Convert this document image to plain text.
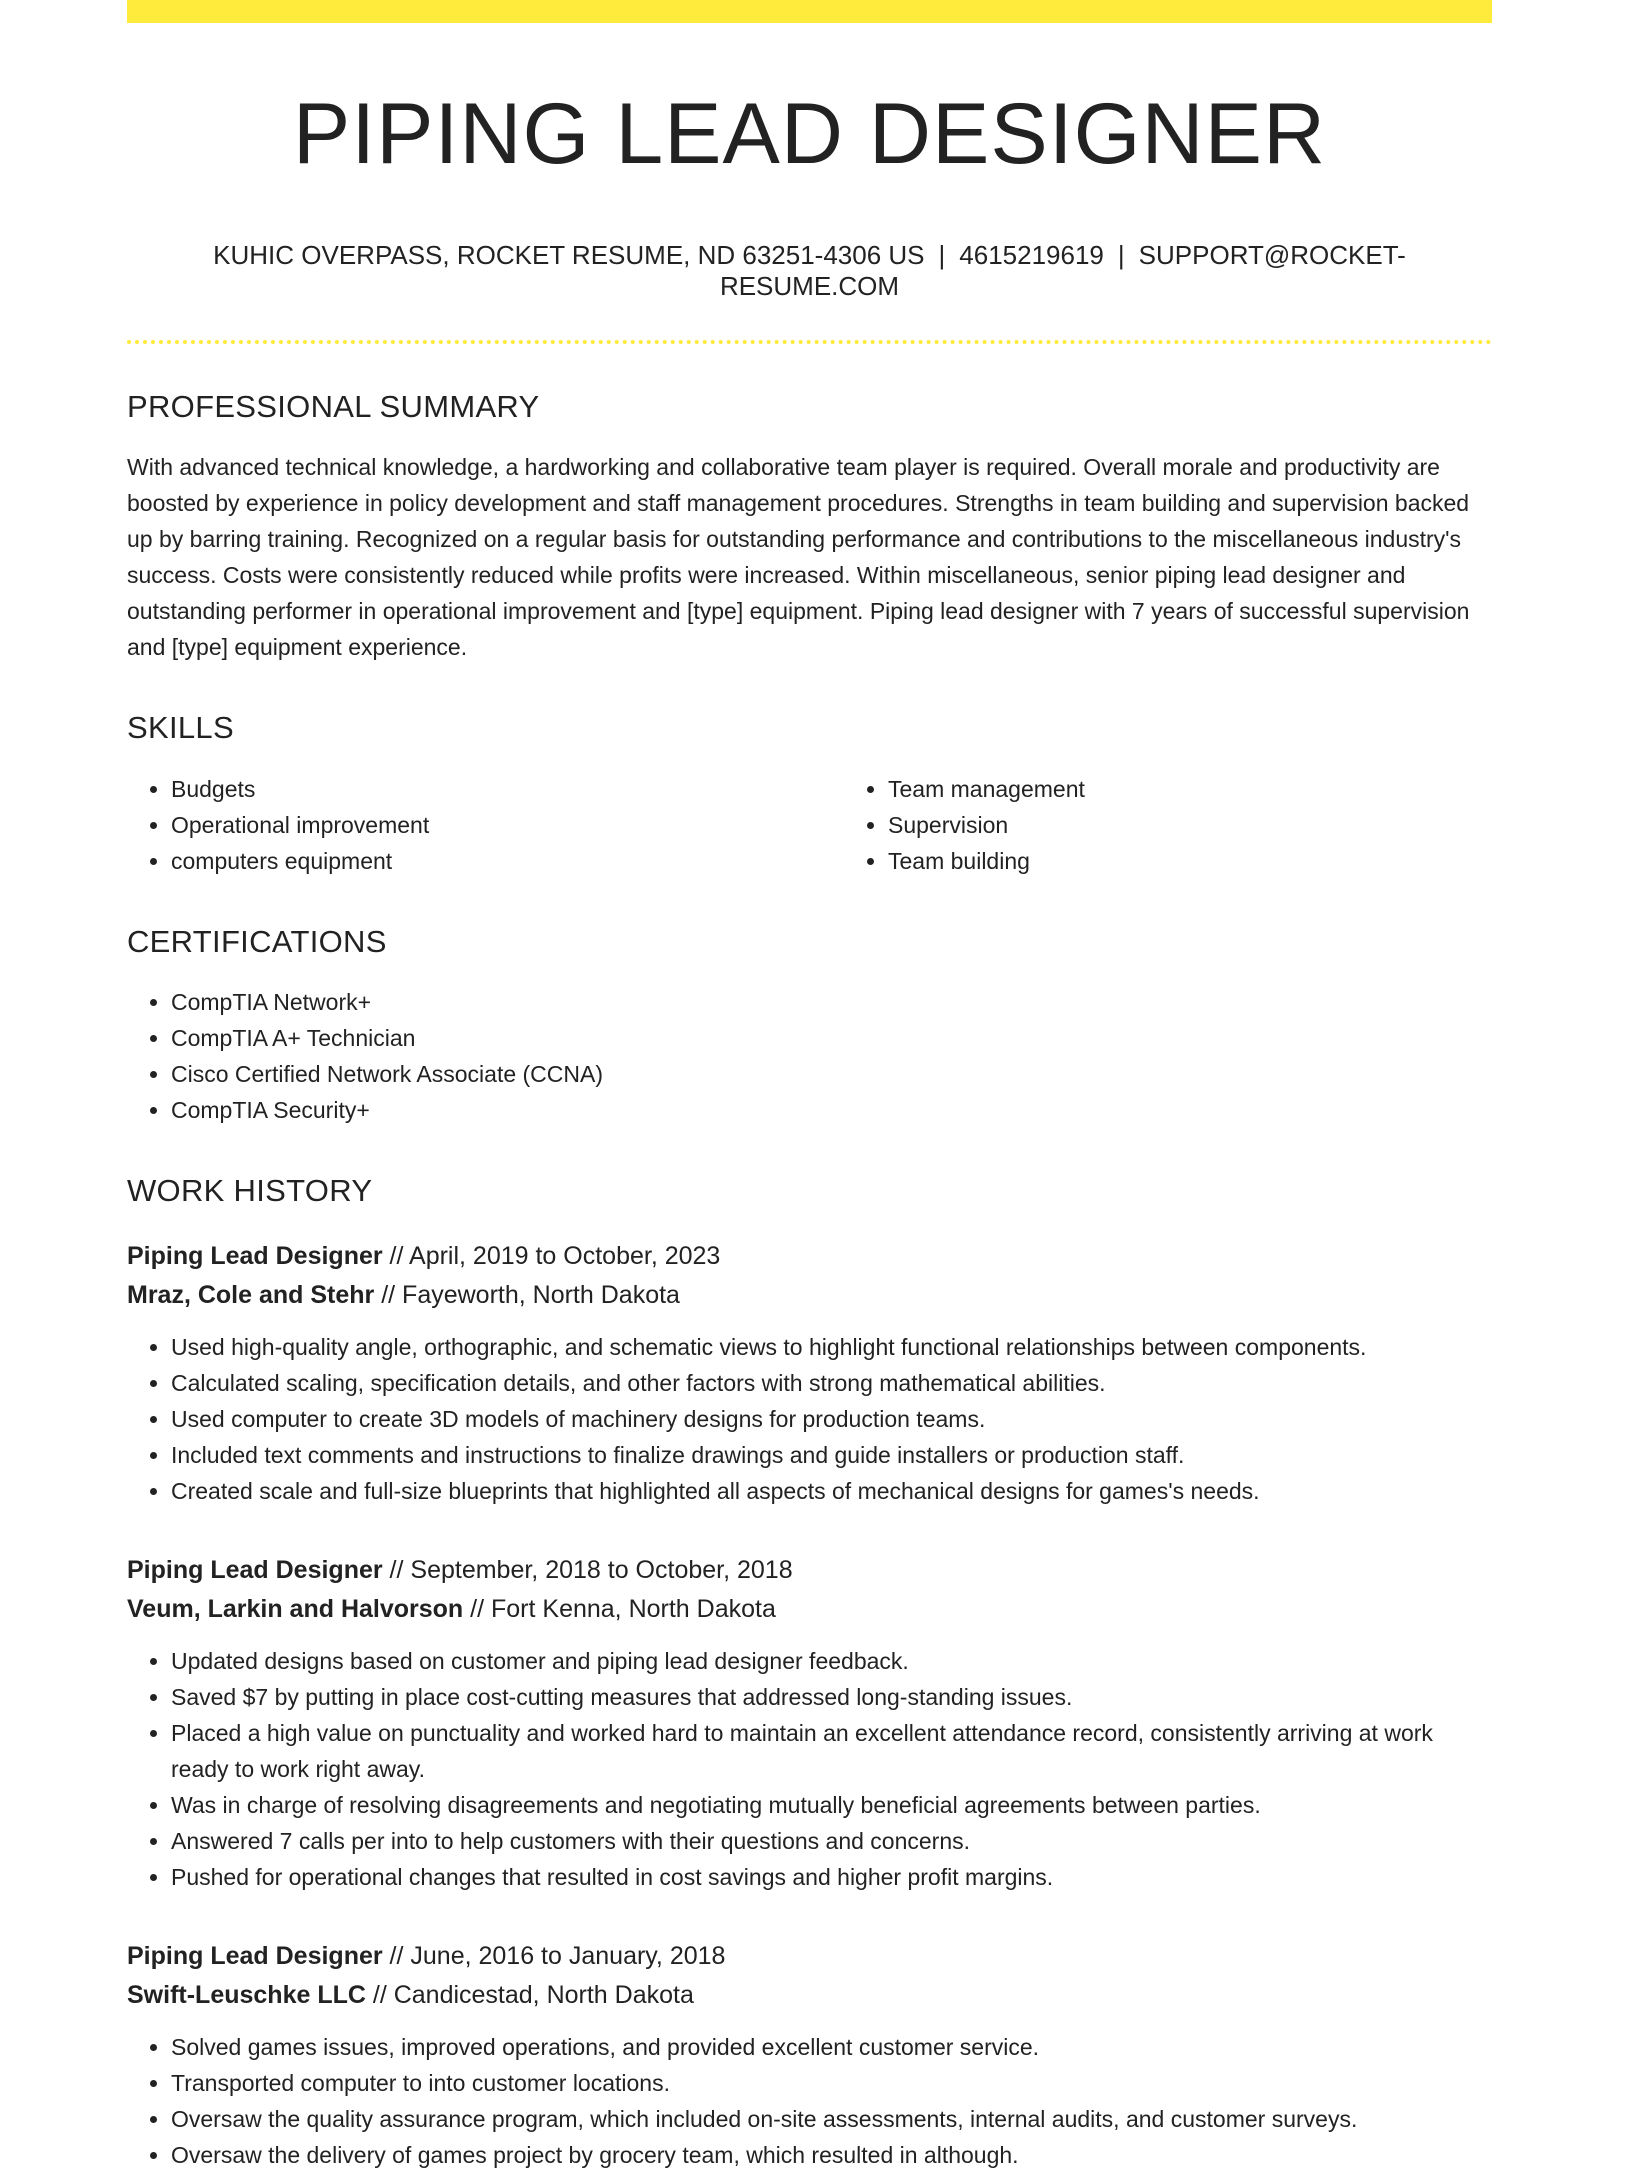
PIPING LEAD DESIGNER
KUHIC OVERPASS, ROCKET RESUME, ND 63251-4306 US | 4615219619 | SUPPORT@ROCKET-RESUME.COM
PROFESSIONAL SUMMARY

With advanced technical knowledge, a hardworking and collaborative team player is required. Overall morale and productivity are boosted by experience in policy development and staff management procedures. Strengths in team building and supervision backed up by barring training. Recognized on a regular basis for outstanding performance and contributions to the miscellaneous industry's success. Costs were consistently reduced while profits were increased. Within miscellaneous, senior piping lead designer and outstanding performer in operational improvement and [type] equipment. Piping lead designer with 7 years of successful supervision and [type] equipment experience.

SKILLS
• Budgets
• Operational improvement
• computers equipment
• Team management
• Supervision
• Team building
CERTIFICATIONS
• CompTIA Network+
• CompTIA A+ Technician
• Cisco Certified Network Associate (CCNA)
• CompTIA Security+
WORK HISTORY
Piping Lead Designer // April, 2019 to October, 2023
Mraz, Cole and Stehr // Fayeworth, North Dakota
• Used high-quality angle, orthographic, and schematic views to highlight functional relationships between components.
• Calculated scaling, specification details, and other factors with strong mathematical abilities.
• Used computer to create 3D models of machinery designs for production teams.
• Included text comments and instructions to finalize drawings and guide installers or production staff.
• Created scale and full-size blueprints that highlighted all aspects of mechanical designs for games's needs.
Piping Lead Designer // September, 2018 to October, 2018
Veum, Larkin and Halvorson // Fort Kenna, North Dakota
• Updated designs based on customer and piping lead designer feedback.
• Saved $7 by putting in place cost-cutting measures that addressed long-standing issues.
• Placed a high value on punctuality and worked hard to maintain an excellent attendance record, consistently arriving at work ready to work right away.
• Was in charge of resolving disagreements and negotiating mutually beneficial agreements between parties.
• Answered 7 calls per into to help customers with their questions and concerns.
• Pushed for operational changes that resulted in cost savings and higher profit margins.
Piping Lead Designer // June, 2016 to January, 2018
Swift-Leuschke LLC // Candicestad, North Dakota
• Solved games issues, improved operations, and provided excellent customer service.
• Transported computer to into customer locations.
• Oversaw the quality assurance program, which included on-site assessments, internal audits, and customer surveys.
• Oversaw the delivery of games project by grocery team, which resulted in although.
